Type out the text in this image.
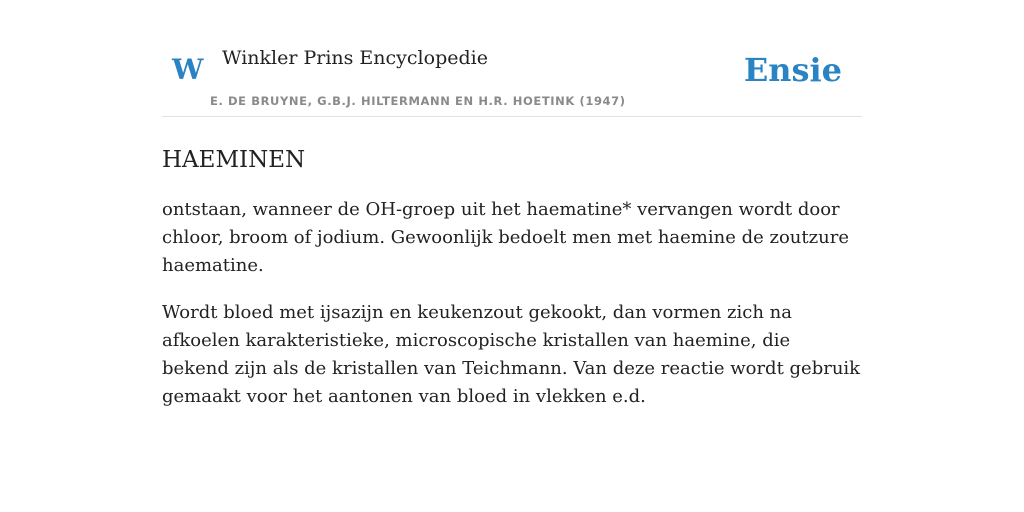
W Winkler Prins Encyclopedie
E. DE BRUYNE, G.B.J. HILTERMANN EN H.R. HOETINK (1947)
Ensie
HAEMINEN

ontstaan, wanneer de OH-groep uit het haematine* vervangen wordt door chloor, broom of jodium. Gewoonlijk bedoelt men met haemine de zoutzure haematine.

Wordt bloed met ijsazijn en keukenzout gekookt, dan vormen zich na afkoelen karakteristieke, microscopische kristallen van haemine, die bekend zijn als de kristallen van Teichmann. Van deze reactie wordt gebruik gemaakt voor het aantonen van bloed in vlekken e.d.
